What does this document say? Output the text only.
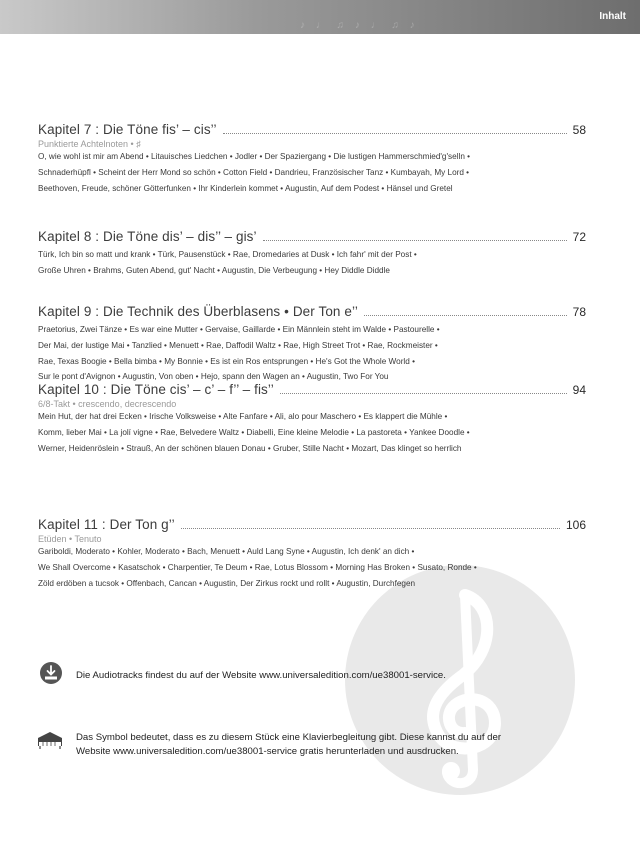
♪ ♩ ♫ ♪ ♩ ♫ ♪
Inhalt
Kapitel 7 : Die Töne fis’ – cis’’	58
Punktierte Achtelnoten • ♯
O, wie wohl ist mir am Abend • Litauisches Liedchen • Jodler • Der Spaziergang • Die lustigen Hammerschmied'g'selln •
Schnaderhüpfl • Scheint der Herr Mond so schön • Cotton Field • Dandrieu, Französischer Tanz • Kumbayah, My Lord •
Beethoven, Freude, schöner Götterfunken • Ihr Kinderlein kommet • Augustin, Auf dem Podest • Hänsel und Gretel
Kapitel 8 : Die Töne dis’ – dis’’ – gis’	72
Türk, Ich bin so matt und krank • Türk, Pausenstück • Rae, Dromedaries at Dusk • Ich fahr' mit der Post •
Große Uhren • Brahms, Guten Abend, gut' Nacht • Augustin, Die Verbeugung • Hey Diddle Diddle
Kapitel 9 : Die Technik des Überblasens • Der Ton e’’	78
Praetorius, Zwei Tänze • Es war eine Mutter • Gervaise, Gaillarde • Ein Männlein steht im Walde • Pastourelle •
Der Mai, der lustige Mai • Tanzlied • Menuett • Rae, Daffodil Waltz • Rae, High Street Trot • Rae, Rockmeister •
Rae, Texas Boogie • Bella bimba • My Bonnie • Es ist ein Ros entsprungen • He's Got the Whole World •
Sur le pont d'Avignon • Augustin, Von oben • Hejo, spann den Wagen an • Augustin, Two For You
Kapitel 10 : Die Töne cis’ – c’ – f’’ – fis’’	94
6/8-Takt • crescendo, decrescendo
Mein Hut, der hat drei Ecken • Irische Volksweise • Alte Fanfare • Ali, alo pour Maschero • Es klappert die Mühle •
Komm, lieber Mai • La jolí vigne • Rae, Belvedere Waltz • Diabelli, Eine kleine Melodie • La pastoreta • Yankee Doodle •
Werner, Heidenröslein • Strauß, An der schönen blauen Donau • Gruber, Stille Nacht • Mozart, Das klinget so herrlich
Kapitel 11 : Der Ton g’’	106
Etüden • Tenuto
Gariboldi, Moderato • Kohler, Moderato • Bach, Menuett • Auld Lang Syne • Augustin, Ich denk' an dich •
We Shall Overcome • Kasatschok • Charpentier, Te Deum • Rae, Lotus Blossom • Morning Has Broken • Susato, Ronde •
Zöld erdöben a tucsok • Offenbach, Cancan • Augustin, Der Zirkus rockt und rollt • Augustin, Durchfegen
Die Audiotracks findest du auf der Website www.universaledition.com/ue38001-service.
Das Symbol bedeutet, dass es zu diesem Stück eine Klavierbegleitung gibt. Diese kannst du auf der
Website www.universaledition.com/ue38001-service gratis herunterladen und ausdrucken.
